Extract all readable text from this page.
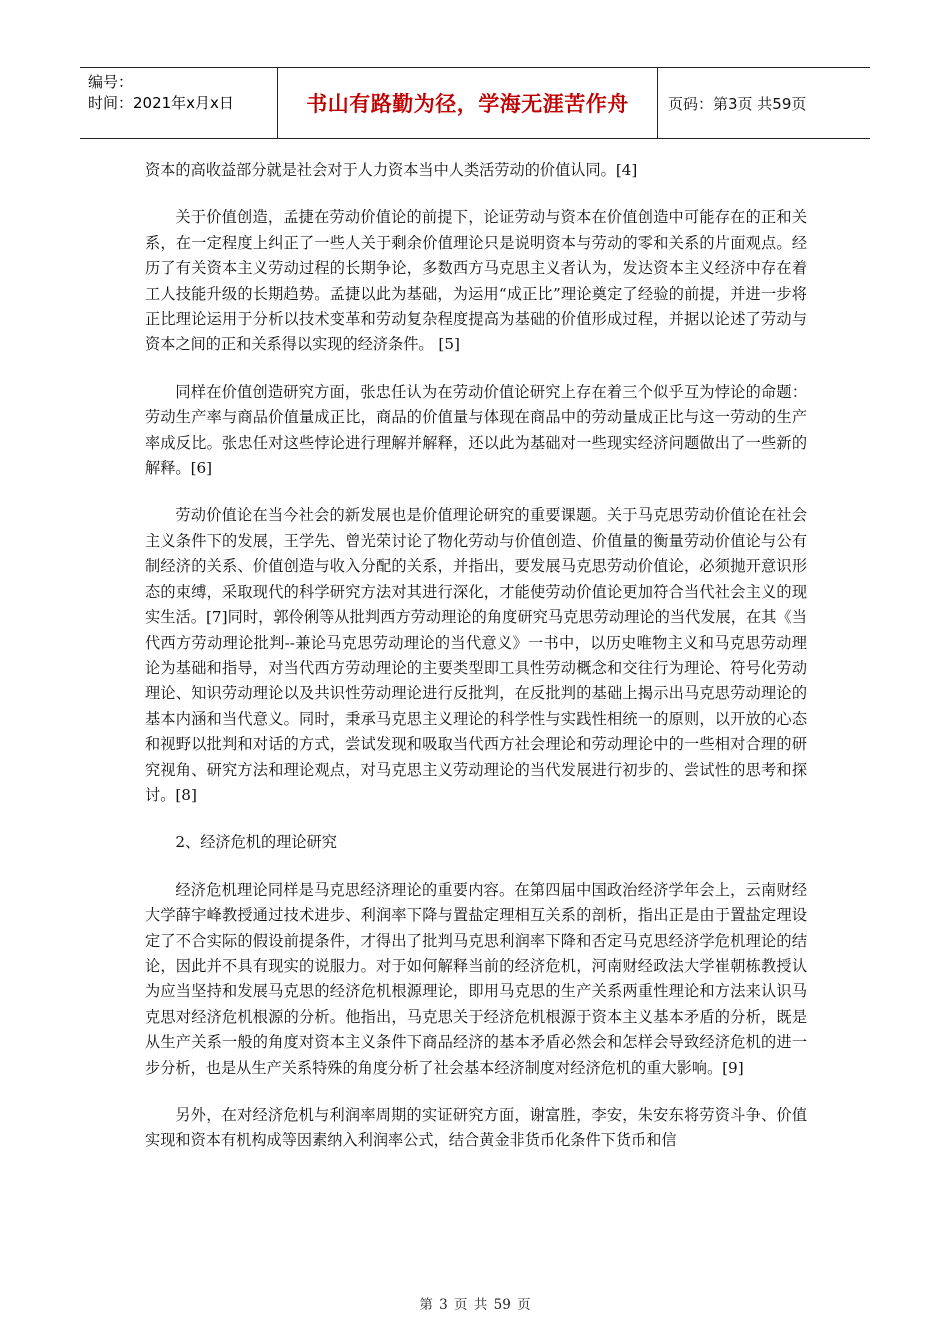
编号：
时间：2021年x月x日	书山有路勤为径，学海无涯苦作舟	页码：第3页 共59页

资本的高收益部分就是社会对于人力资本当中人类活劳动的价值认同。[4]

关于价值创造，孟捷在劳动价值论的前提下，论证劳动与资本在价值创造中可能存在的正和关系，在一定程度上纠正了一些人关于剩余价值理论只是说明资本与劳动的零和关系的片面观点。经历了有关资本主义劳动过程的长期争论，多数西方马克思主义者认为，发达资本主义经济中存在着工人技能升级的长期趋势。孟捷以此为基础，为运用“成正比”理论奠定了经验的前提，并进一步将正比理论运用于分析以技术变革和劳动复杂程度提高为基础的价值形成过程，并据以论述了劳动与资本之间的正和关系得以实现的经济条件。 [5]

同样在价值创造研究方面，张忠任认为在劳动价值论研究上存在着三个似乎互为悖论的命题：劳动生产率与商品价值量成正比，商品的价值量与体现在商品中的劳动量成正比与这一劳动的生产率成反比。张忠任对这些悖论进行理解并解释，还以此为基础对一些现实经济问题做出了一些新的解释。[6]

劳动价值论在当今社会的新发展也是价值理论研究的重要课题。关于马克思劳动价值论在社会主义条件下的发展，王学先、曾光荣讨论了物化劳动与价值创造、价值量的衡量劳动价值论与公有制经济的关系、价值创造与收入分配的关系，并指出，要发展马克思劳动价值论，必须抛开意识形态的束缚，采取现代的科学研究方法对其进行深化，才能使劳动价值论更加符合当代社会主义的现实生活。[7]同时，郭伶俐等从批判西方劳动理论的角度研究马克思劳动理论的当代发展，在其《当代西方劳动理论批判--兼论马克思劳动理论的当代意义》一书中，以历史唯物主义和马克思劳动理论为基础和指导，对当代西方劳动理论的主要类型即工具性劳动概念和交往行为理论、符号化劳动理论、知识劳动理论以及共识性劳动理论进行反批判，在反批判的基础上揭示出马克思劳动理论的基本内涵和当代意义。同时，秉承马克思主义理论的科学性与实践性相统一的原则，以开放的心态和视野以批判和对话的方式，尝试发现和吸取当代西方社会理论和劳动理论中的一些相对合理的研究视角、研究方法和理论观点，对马克思主义劳动理论的当代发展进行初步的、尝试性的思考和探讨。[8]

2、经济危机的理论研究

经济危机理论同样是马克思经济理论的重要内容。在第四届中国政治经济学年会上，云南财经大学薛宇峰教授通过技术进步、利润率下降与置盐定理相互关系的剖析，指出正是由于置盐定理设定了不合实际的假设前提条件，才得出了批判马克思利润率下降和否定马克思经济学危机理论的结论，因此并不具有现实的说服力。对于如何解释当前的经济危机，河南财经政法大学崔朝栋教授认为应当坚持和发展马克思的经济危机根源理论，即用马克思的生产关系两重性理论和方法来认识马克思对经济危机根源的分析。他指出，马克思关于经济危机根源于资本主义基本矛盾的分析，既是从生产关系一般的角度对资本主义条件下商品经济的基本矛盾必然会和怎样会导致经济危机的进一步分析，也是从生产关系特殊的角度分析了社会基本经济制度对经济危机的重大影响。[9]

另外，在对经济危机与利润率周期的实证研究方面，谢富胜，李安，朱安东将劳资斗争、价值实现和资本有机构成等因素纳入利润率公式，结合黄金非货币化条件下货币和信

第 3 页 共 59 页
